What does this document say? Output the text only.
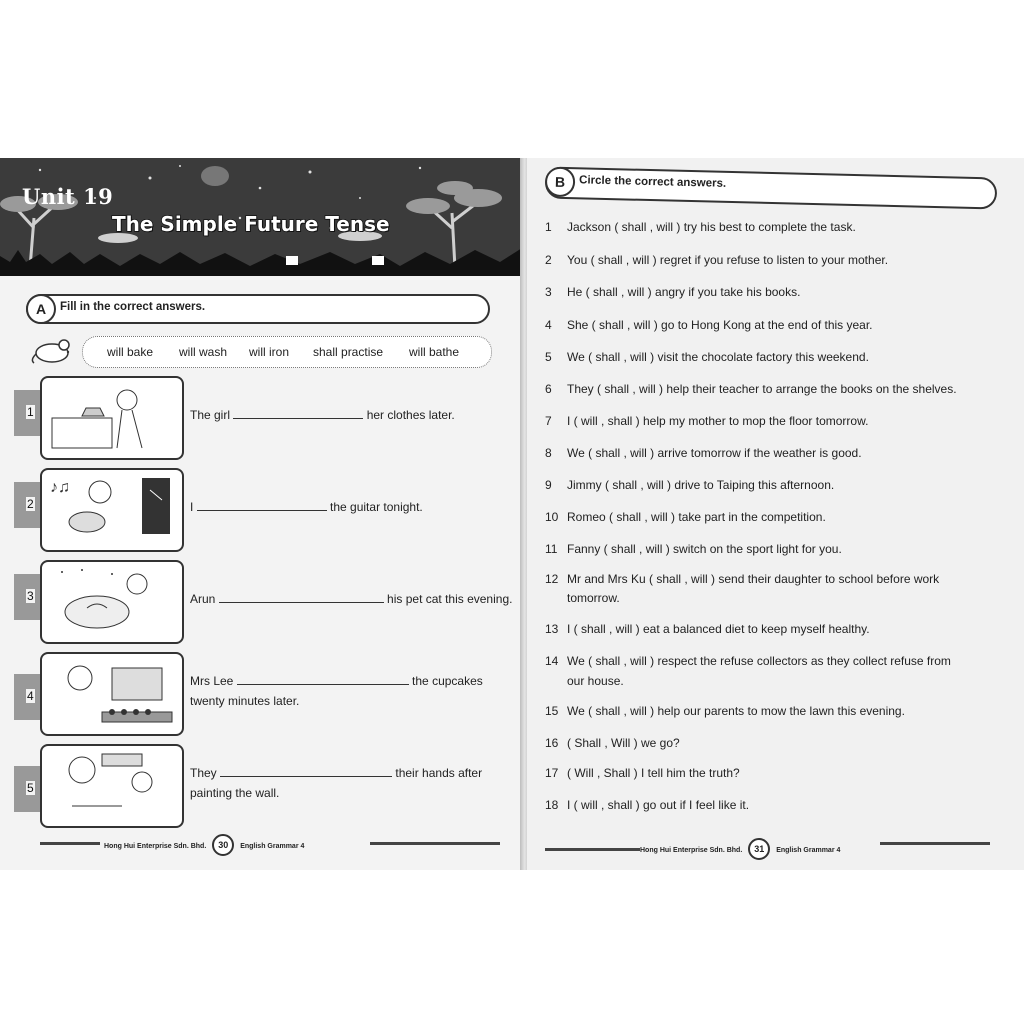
Unit 19
The Simple Future Tense
A	Fill in the correct answers.
will bake will wash will iron shall practise will bathe
1	The girl	her clothes later.
2
♪♫
I	the guitar tonight.
3	Arun	his pet cat this evening.
4
Mrs Lee	the cupcakes
twenty minutes later.
5
They	their hands after
painting the wall.
Hong Hui Enterprise Sdn. Bhd. 30 English Grammar 4
B	Circle the correct answers.
1 Jackson ( shall , will ) try his best to complete the task.
2 You ( shall , will ) regret if you refuse to listen to your mother.
3 He ( shall , will ) angry if you take his books.
4 She ( shall , will ) go to Hong Kong at the end of this year.
5 We ( shall , will ) visit the chocolate factory this weekend.
6 They ( shall , will ) help their teacher to arrange the books on the shelves.
7 I ( will , shall ) help my mother to mop the floor tomorrow.
8 We ( shall , will ) arrive tomorrow if the weather is good.
9 Jimmy ( shall , will ) drive to Taiping this afternoon.
10 Romeo ( shall , will ) take part in the competition.
11 Fanny ( shall , will ) switch on the sport light for you.
12 Mr and Mrs Ku ( shall , will ) send their daughter to school before work
tomorrow.
13 I ( shall , will ) eat a balanced diet to keep myself healthy.
14 We ( shall , will ) respect the refuse collectors as they collect refuse from
our house.
15 We ( shall , will ) help our parents to mow the lawn this evening.
16 ( Shall , Will ) we go?
17 ( Will , Shall ) I tell him the truth?
18 I ( will , shall ) go out if I feel like it.
Hong Hui Enterprise Sdn. Bhd. 31 English Grammar 4
